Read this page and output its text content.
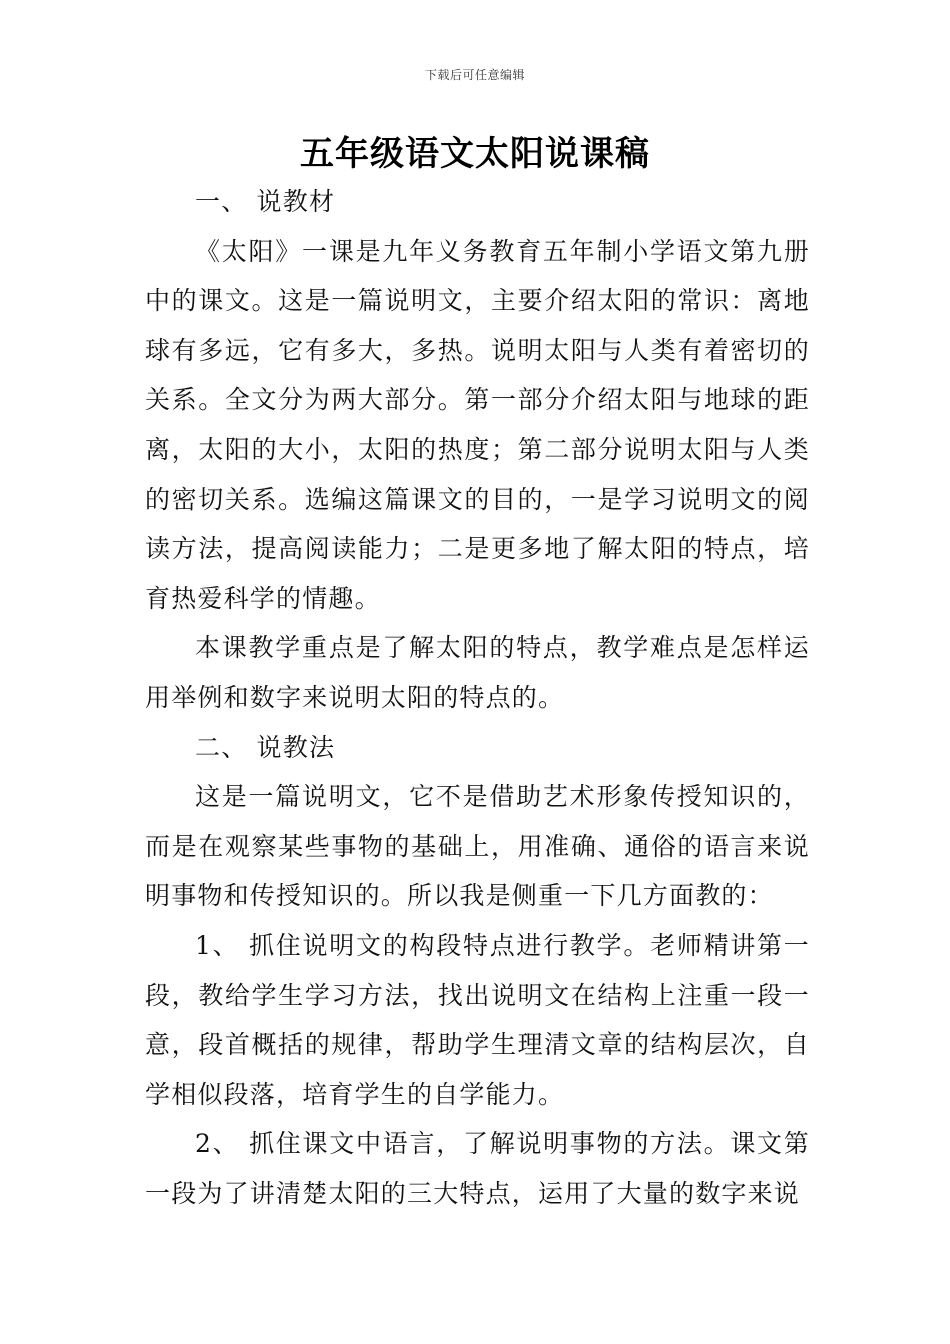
下载后可任意编辑
五年级语文太阳说课稿

一、 说教材

《太阳》一课是九年义务教育五年制小学语文第九册中的课文。这是一篇说明文，主要介绍太阳的常识：离地球有多远，它有多大，多热。说明太阳与人类有着密切的关系。全文分为两大部分。第一部分介绍太阳与地球的距离，太阳的大小，太阳的热度；第二部分说明太阳与人类的密切关系。选编这篇课文的目的，一是学习说明文的阅读方法，提高阅读能力；二是更多地了解太阳的特点，培育热爱科学的情趣。

本课教学重点是了解太阳的特点，教学难点是怎样运用举例和数字来说明太阳的特点的。

二、 说教法

这是一篇说明文，它不是借助艺术形象传授知识的，而是在观察某些事物的基础上，用准确、通俗的语言来说明事物和传授知识的。所以我是侧重一下几方面教的：

1、 抓住说明文的构段特点进行教学。老师精讲第一段，教给学生学习方法，找出说明文在结构上注重一段一意，段首概括的规律，帮助学生理清文章的结构层次，自学相似段落，培育学生的自学能力。

2、 抓住课文中语言，了解说明事物的方法。课文第一段为了讲清楚太阳的三大特点，运用了大量的数字来说
